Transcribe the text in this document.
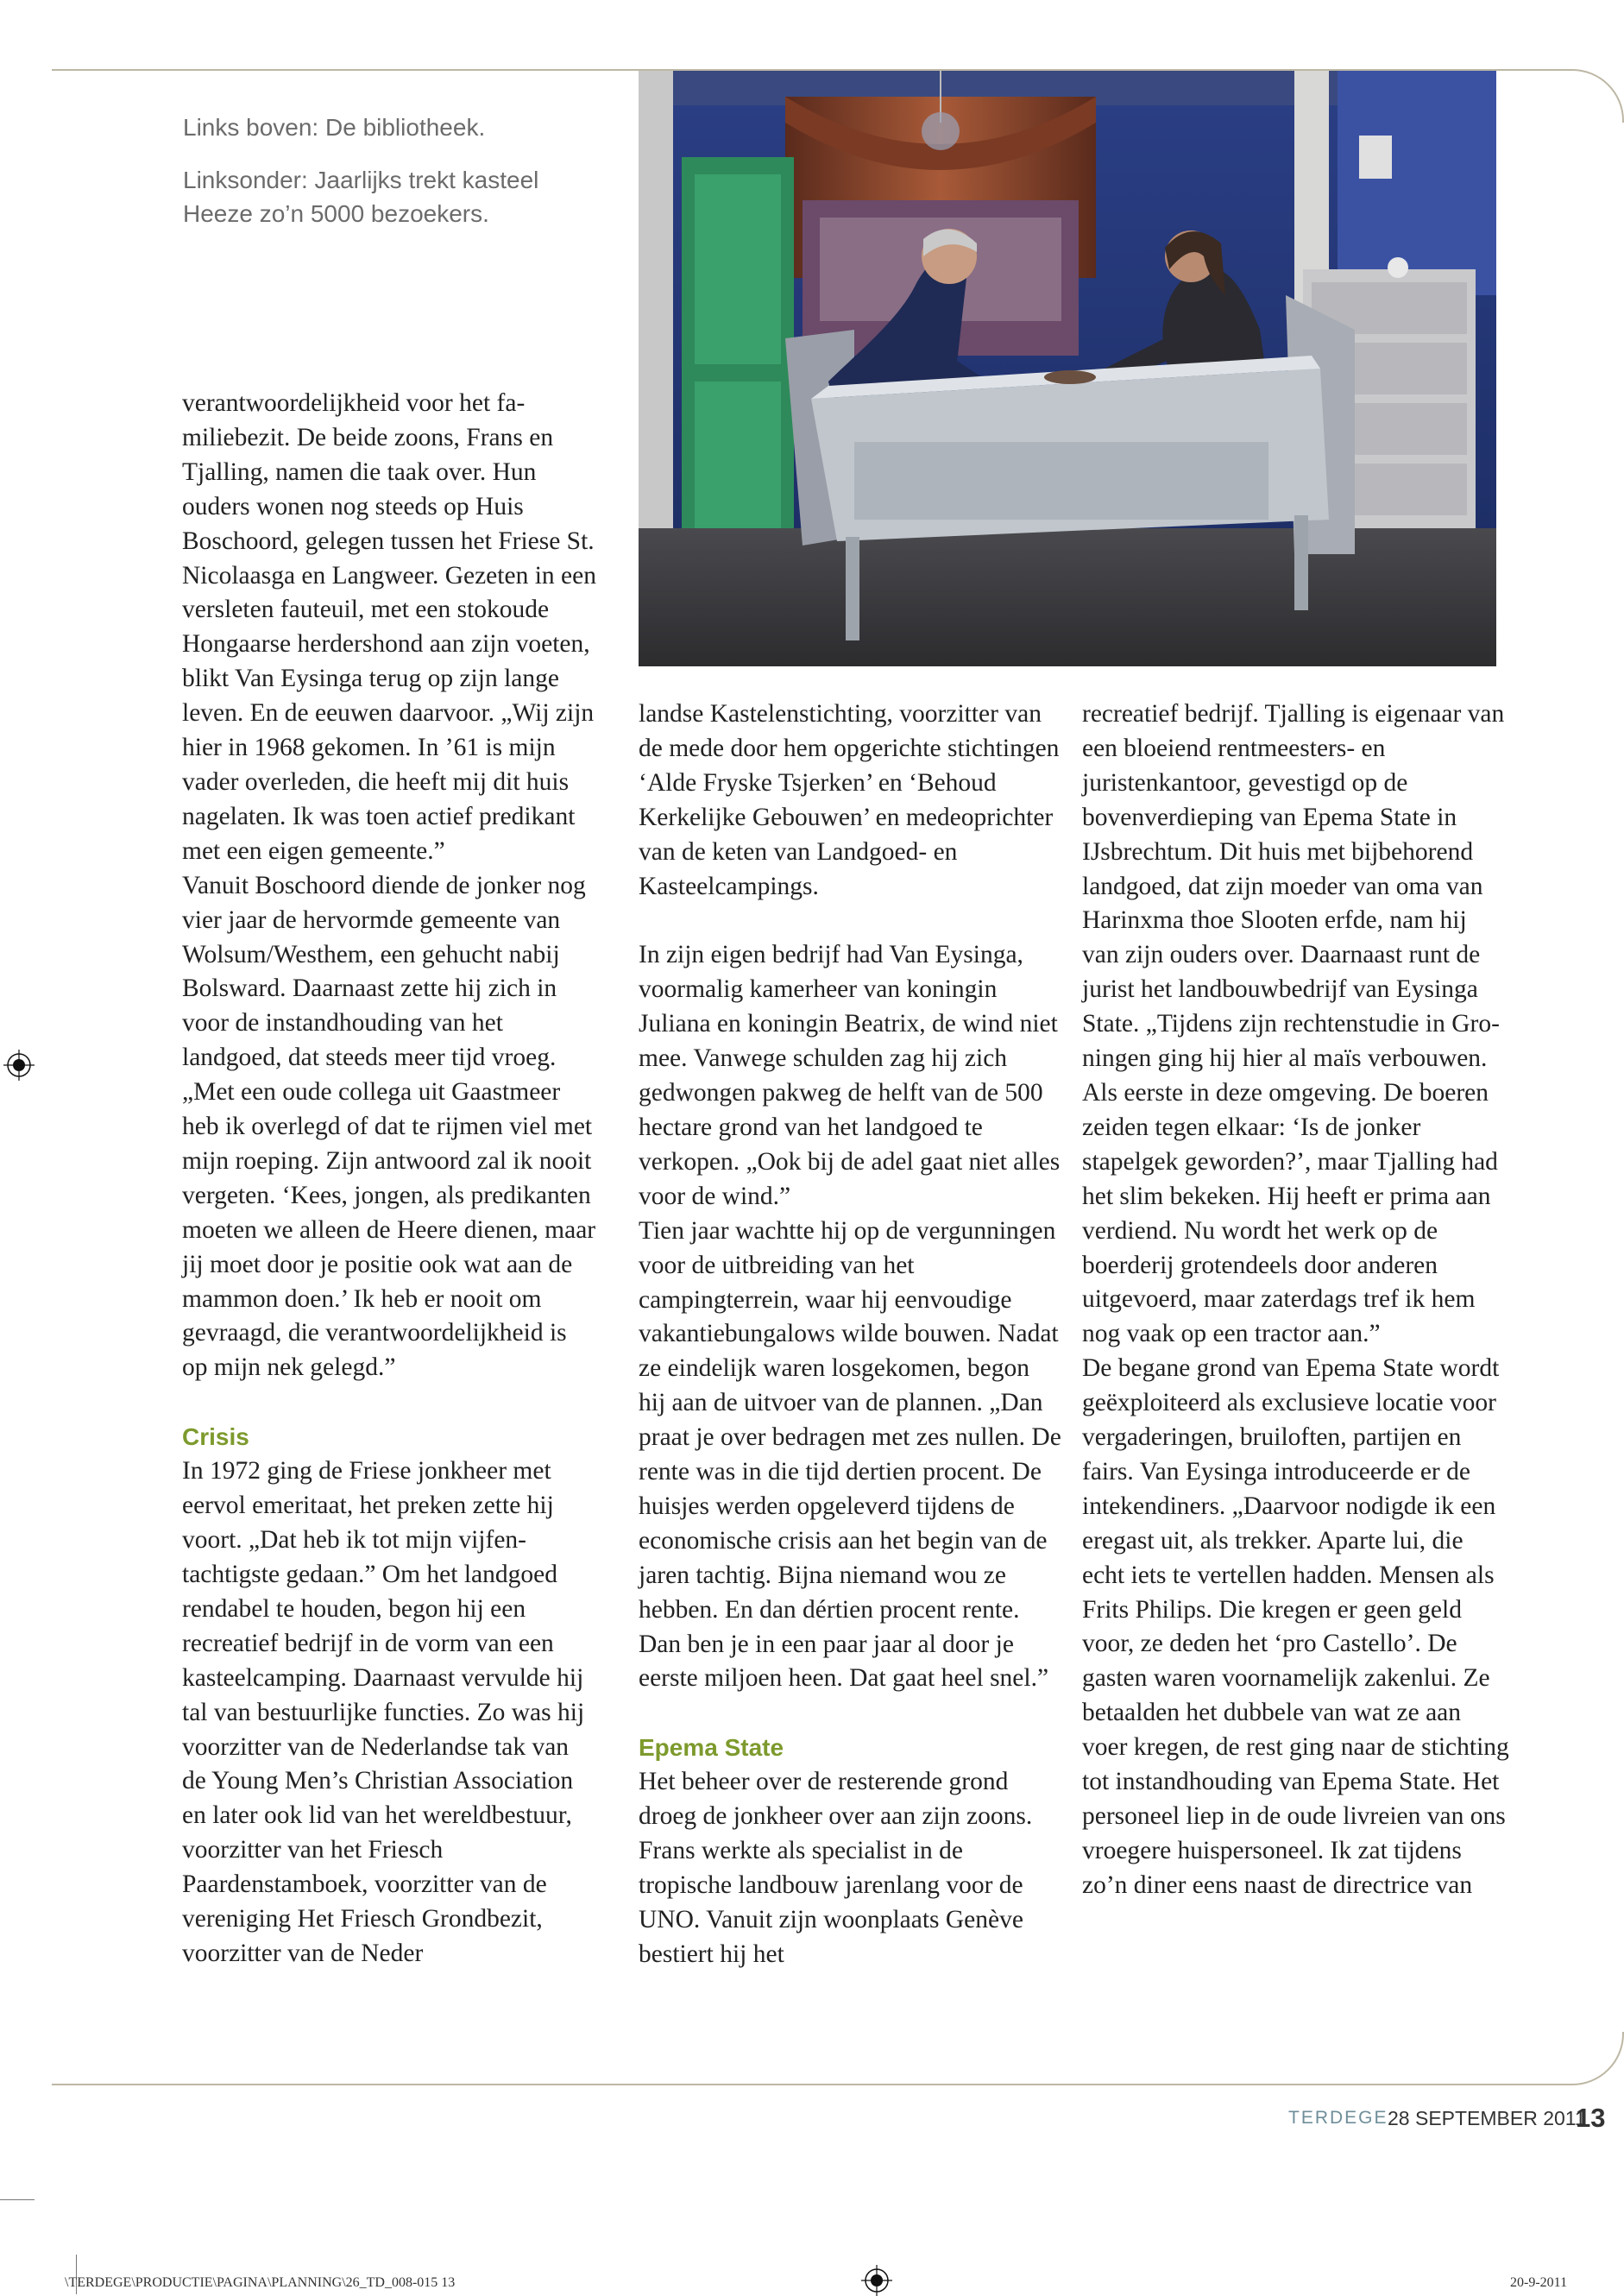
Links boven: De bibliotheek.

Linksonder: Jaarlijks trekt kasteel Heeze zo’n 5000 bezoekers.

verantwoordelijkheid voor het familiebezit. De beide zoons, Frans en Tjalling, namen die taak over. Hun ouders wonen nog steeds op Huis Boschoord, gelegen tussen het Friese St. Nicolaasga en Langweer. Gezeten in een versleten fauteuil, met een stokoude Hongaarse herdershond aan zijn voeten, blikt Van Eysinga terug op zijn lange leven. En de eeuwen daarvoor. „Wij zijn hier in 1968 gekomen. In ’61 is mijn vader overleden, die heeft mij dit huis nagelaten. Ik was toen actief predikant met een eigen gemeente.”

Vanuit Boschoord diende de jonker nog vier jaar de hervormde gemeente van Wolsum/Westhem, een gehucht nabij Bolsward. Daarnaast zette hij zich in voor de instandhouding van het landgoed, dat steeds meer tijd vroeg. „Met een oude collega uit Gaastmeer heb ik overlegd of dat te rijmen viel met mijn roeping. Zijn antwoord zal ik nooit vergeten. ‘Kees, jongen, als predikanten moeten we alleen de Heere dienen, maar jij moet door je positie ook wat aan de mammon doen.’ Ik heb er nooit om gevraagd, die verantwoordelijkheid is op mijn nek gelegd.”

Crisis

In 1972 ging de Friese jonkheer met eervol emeritaat, het preken zette hij voort. „Dat heb ik tot mijn vijfentachtigste gedaan.” Om het landgoed rendabel te houden, begon hij een recreatief bedrijf in de vorm van een kasteelcamping. Daarnaast vervulde hij tal van bestuurlijke functies. Zo was hij voorzitter van de Nederlandse tak van de Young Men’s Christian Association en later ook lid van het wereldbestuur, voorzitter van het Friesch Paardenstamboek, voorzitter van de vereniging Het Friesch Grondbezit, voorzitter van de Neder

landse Kastelenstichting, voorzitter van de mede door hem opgerichte stichtingen ‘Alde Fryske Tsjerken’ en ‘Behoud Kerkelijke Gebouwen’ en medeoprichter van de keten van Landgoed- en Kasteelcampings.

In zijn eigen bedrijf had Van Eysinga, voormalig kamerheer van koningin Juliana en koningin Beatrix, de wind niet mee. Vanwege schulden zag hij zich gedwongen pakweg de helft van de 500 hectare grond van het landgoed te verkopen. „Ook bij de adel gaat niet alles voor de wind.”

Tien jaar wachtte hij op de vergunningen voor de uitbreiding van het campingterrein, waar hij eenvoudige vakantiebungalows wilde bouwen. Nadat ze eindelijk waren losgekomen, begon hij aan de uitvoer van de plannen. „Dan praat je over bedragen met zes nullen. De rente was in die tijd dertien procent. De huisjes werden opgeleverd tijdens de economische crisis aan het begin van de jaren tachtig. Bijna niemand wou ze hebben. En dan dértien procent rente. Dan ben je in een paar jaar al door je eerste miljoen heen. Dat gaat heel snel.”

Epema State

Het beheer over de resterende grond droeg de jonkheer over aan zijn zoons. Frans werkte als specialist in de tropische landbouw jarenlang voor de UNO. Vanuit zijn woonplaats Genève bestiert hij het

recreatief bedrijf. Tjalling is eigenaar van een bloeiend rentmeesters- en juristenkantoor, gevestigd op de bovenverdieping van Epema State in IJsbrechtum. Dit huis met bijbehorend landgoed, dat zijn moeder van oma van Harinxma thoe Slooten erfde, nam hij van zijn ouders over. Daarnaast runt de jurist het landbouwbedrijf van Eysinga State. „Tijdens zijn rechtenstudie in Groningen ging hij hier al maïs verbouwen. Als eerste in deze omgeving. De boeren zeiden tegen elkaar: ‘Is de jonker stapelgek geworden?’, maar Tjalling had het slim bekeken. Hij heeft er prima aan verdiend. Nu wordt het werk op de boerderij grotendeels door anderen uitgevoerd, maar zaterdags tref ik hem nog vaak op een tractor aan.”

De begane grond van Epema State wordt geëxploiteerd als exclusieve locatie voor vergaderingen, bruiloften, partijen en fairs. Van Eysinga introduceerde er de intekendiners. „Daarvoor nodigde ik een eregast uit, als trekker. Aparte lui, die echt iets te vertellen hadden. Mensen als Frits Philips. Die kregen er geen geld voor, ze deden het ‘pro Castello’. De gasten waren voornamelijk zakenlui. Ze betaalden het dubbele van wat ze aan voer kregen, de rest ging naar de stichting tot instandhouding van Epema State. Het personeel liep in de oude livreien van ons vroegere huispersoneel. Ik zat tijdens zo’n diner eens naast de directrice van

TERDEGE 28 SEPTEMBER 2011
13
\TERDEGE\PRODUCTIE\PAGINA\PLANNING\26_TD_008-015 13	20-9-2011
